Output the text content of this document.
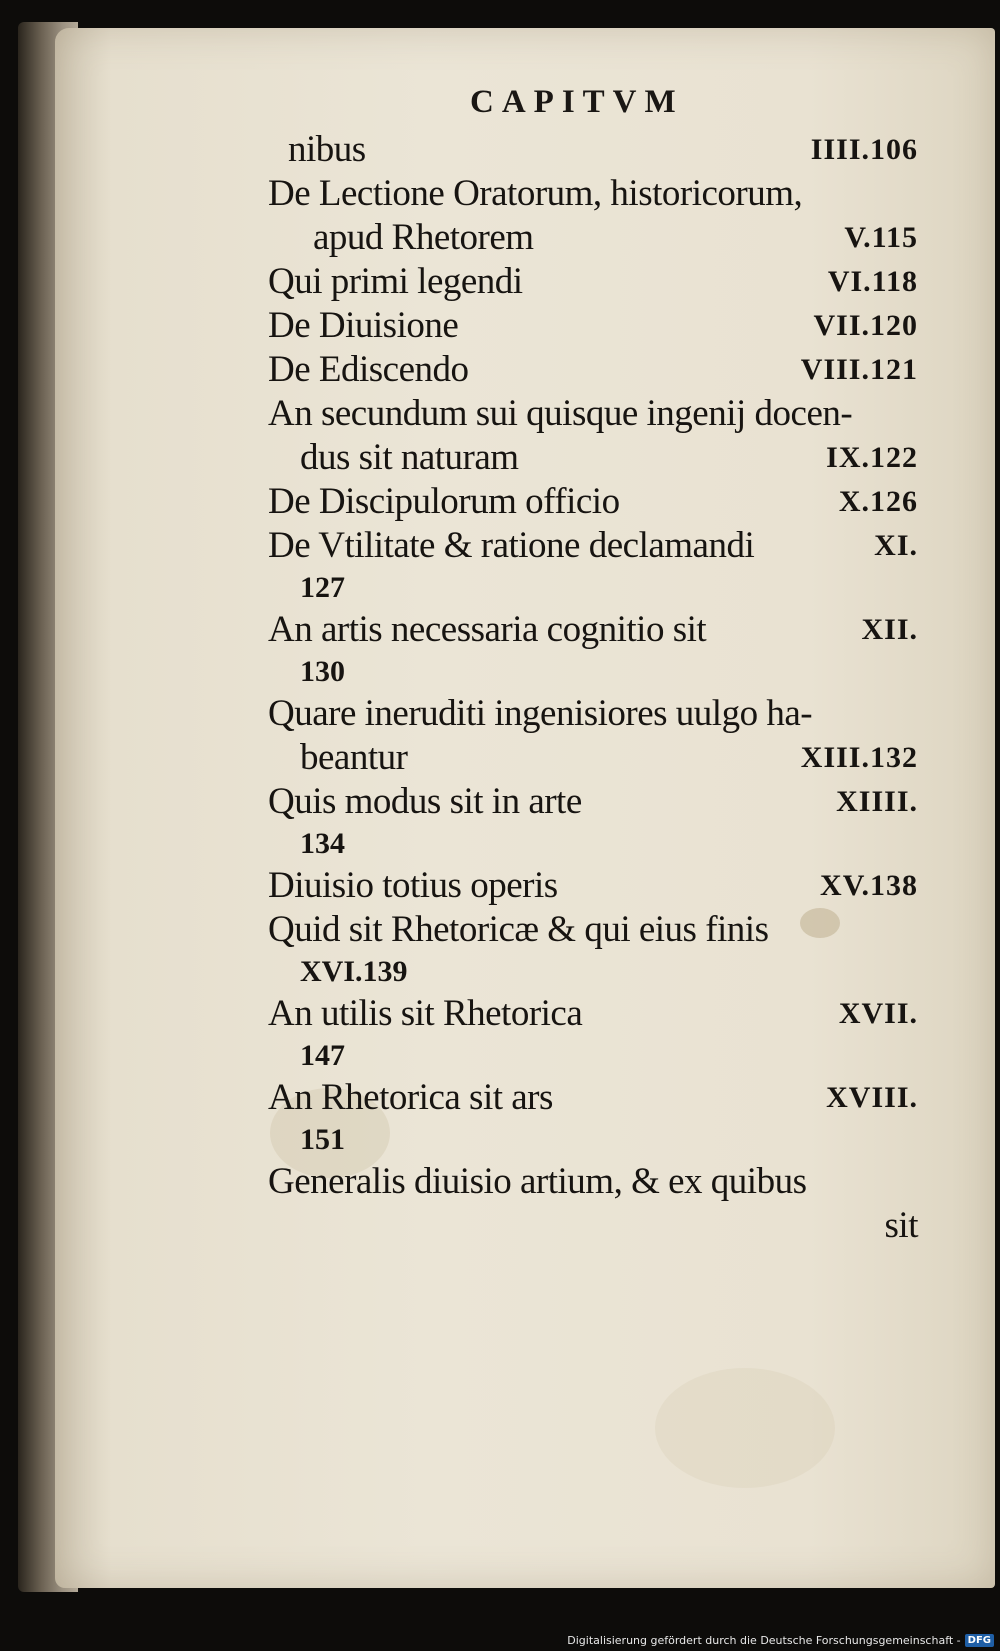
CAPITVM
nibus	IIII.106
De Lectione Oratorum, historicorum,
apud Rhetorem	V.115
Qui primi legendi	VI.118
De Diuisione	VII.120
De Ediscendo	VIII.121
An secundum sui quisque ingenij docen-
dus sit naturam	IX.122
De Discipulorum officio	X.126
De Vtilitate & ratione declamandi	XI.
127
An artis necessaria cognitio sit	XII.
130
Quare ineruditi ingenisiores uulgo ha-
beantur	XIII.132
Quis modus sit in arte	XIIII.
134
Diuisio totius operis	XV.138
Quid sit Rhetoricæ & qui eius finis
XVI.139
An utilis sit Rhetorica	XVII.
147
An Rhetorica sit ars	XVIII.
151
Generalis diuisio artium, & ex quibus
sit
Digitalisierung gefördert durch die Deutsche Forschungsgemeinschaft - DFG
